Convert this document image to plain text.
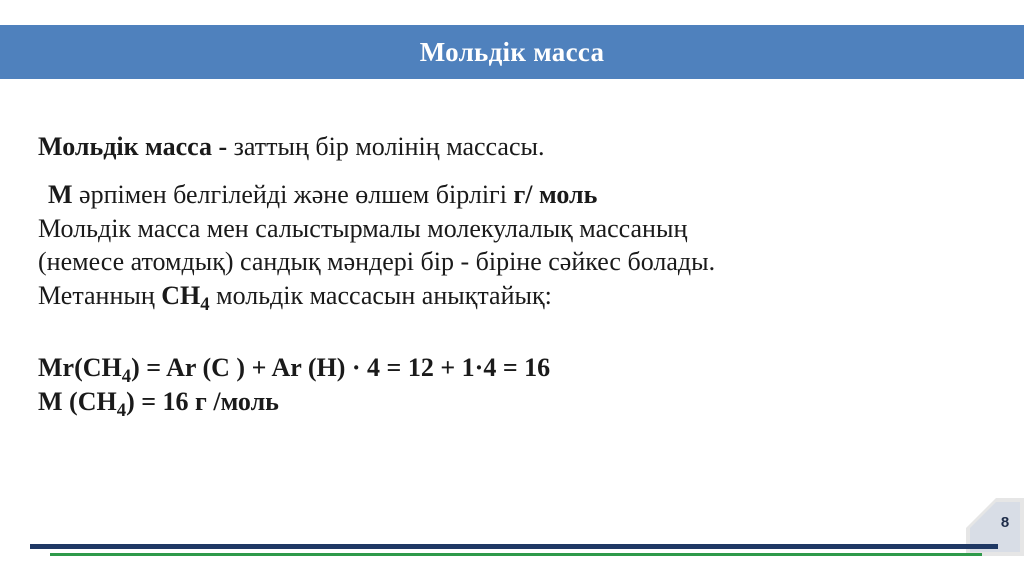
Мольдік масса
Мольдік масса - заттың бір молінің массасы.
М әрпімен белгілейді және өлшем бірлігі г/ моль
Мольдік масса мен салыстырмалы молекулалық массаның
(немесе атомдық) сандық мәндері бір - біріне сәйкес болады.
Метанның $CH_4$ мольдік массасын анықтайық:
$Mr(CH_4) = Ar$ (C ) + Ar (H) · 4 = 12 + 1·4 = 16
М $(CH_4) = 16$ г /моль
8
